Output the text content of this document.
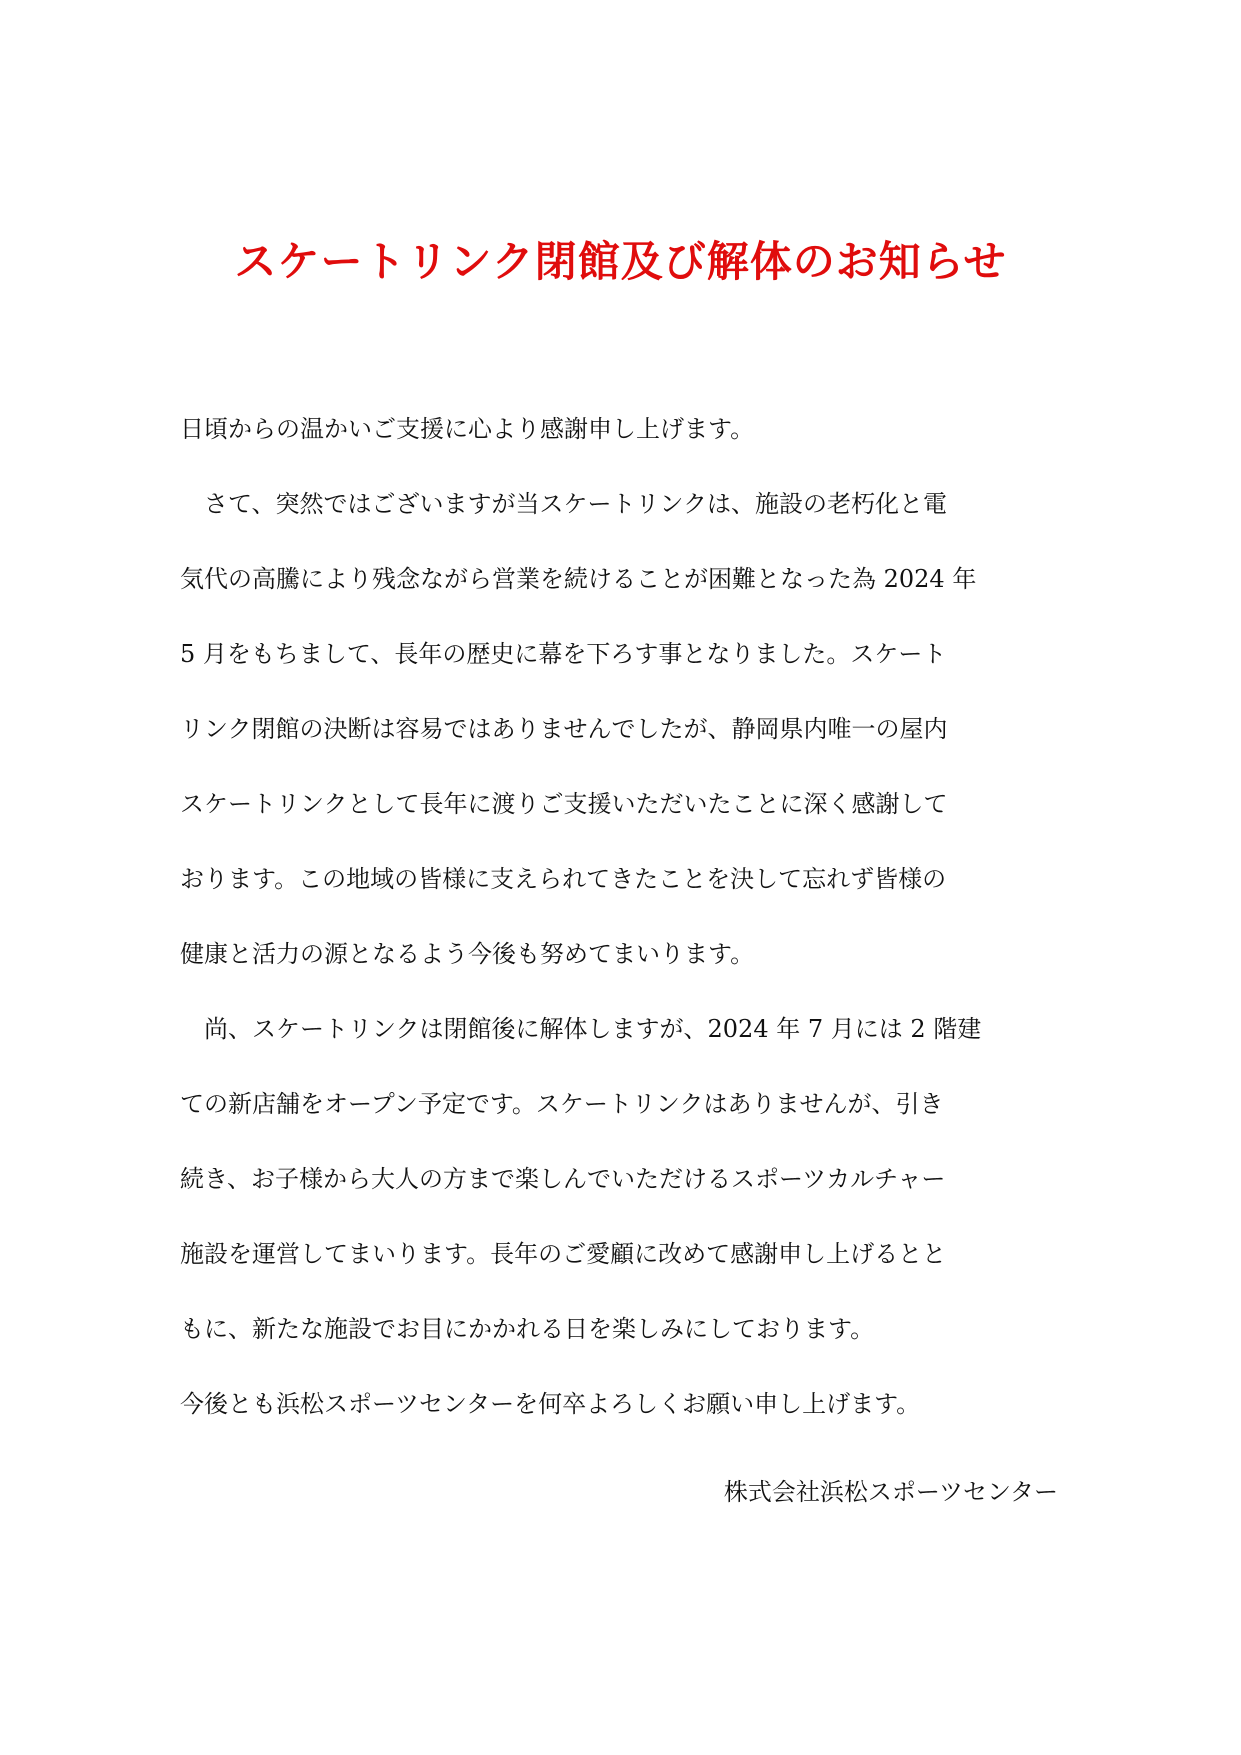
スケートリンク閉館及び解体のお知らせ

日頃からの温かいご支援に心より感謝申し上げます。

　さて、突然ではございますが当スケートリンクは、施設の老朽化と電

気代の高騰により残念ながら営業を続けることが困難となった為 2024 年

5 月をもちまして、長年の歴史に幕を下ろす事となりました。スケート

リンク閉館の決断は容易ではありませんでしたが、静岡県内唯一の屋内

スケートリンクとして長年に渡りご支援いただいたことに深く感謝して

おります。この地域の皆様に支えられてきたことを決して忘れず皆様の

健康と活力の源となるよう今後も努めてまいります。

　尚、スケートリンクは閉館後に解体しますが、2024 年 7 月には 2 階建

ての新店舗をオープン予定です。スケートリンクはありませんが、引き

続き、お子様から大人の方まで楽しんでいただけるスポーツカルチャー

施設を運営してまいります。長年のご愛顧に改めて感謝申し上げるとと

もに、新たな施設でお目にかかれる日を楽しみにしております。

今後とも浜松スポーツセンターを何卒よろしくお願い申し上げます。

株式会社浜松スポーツセンター
